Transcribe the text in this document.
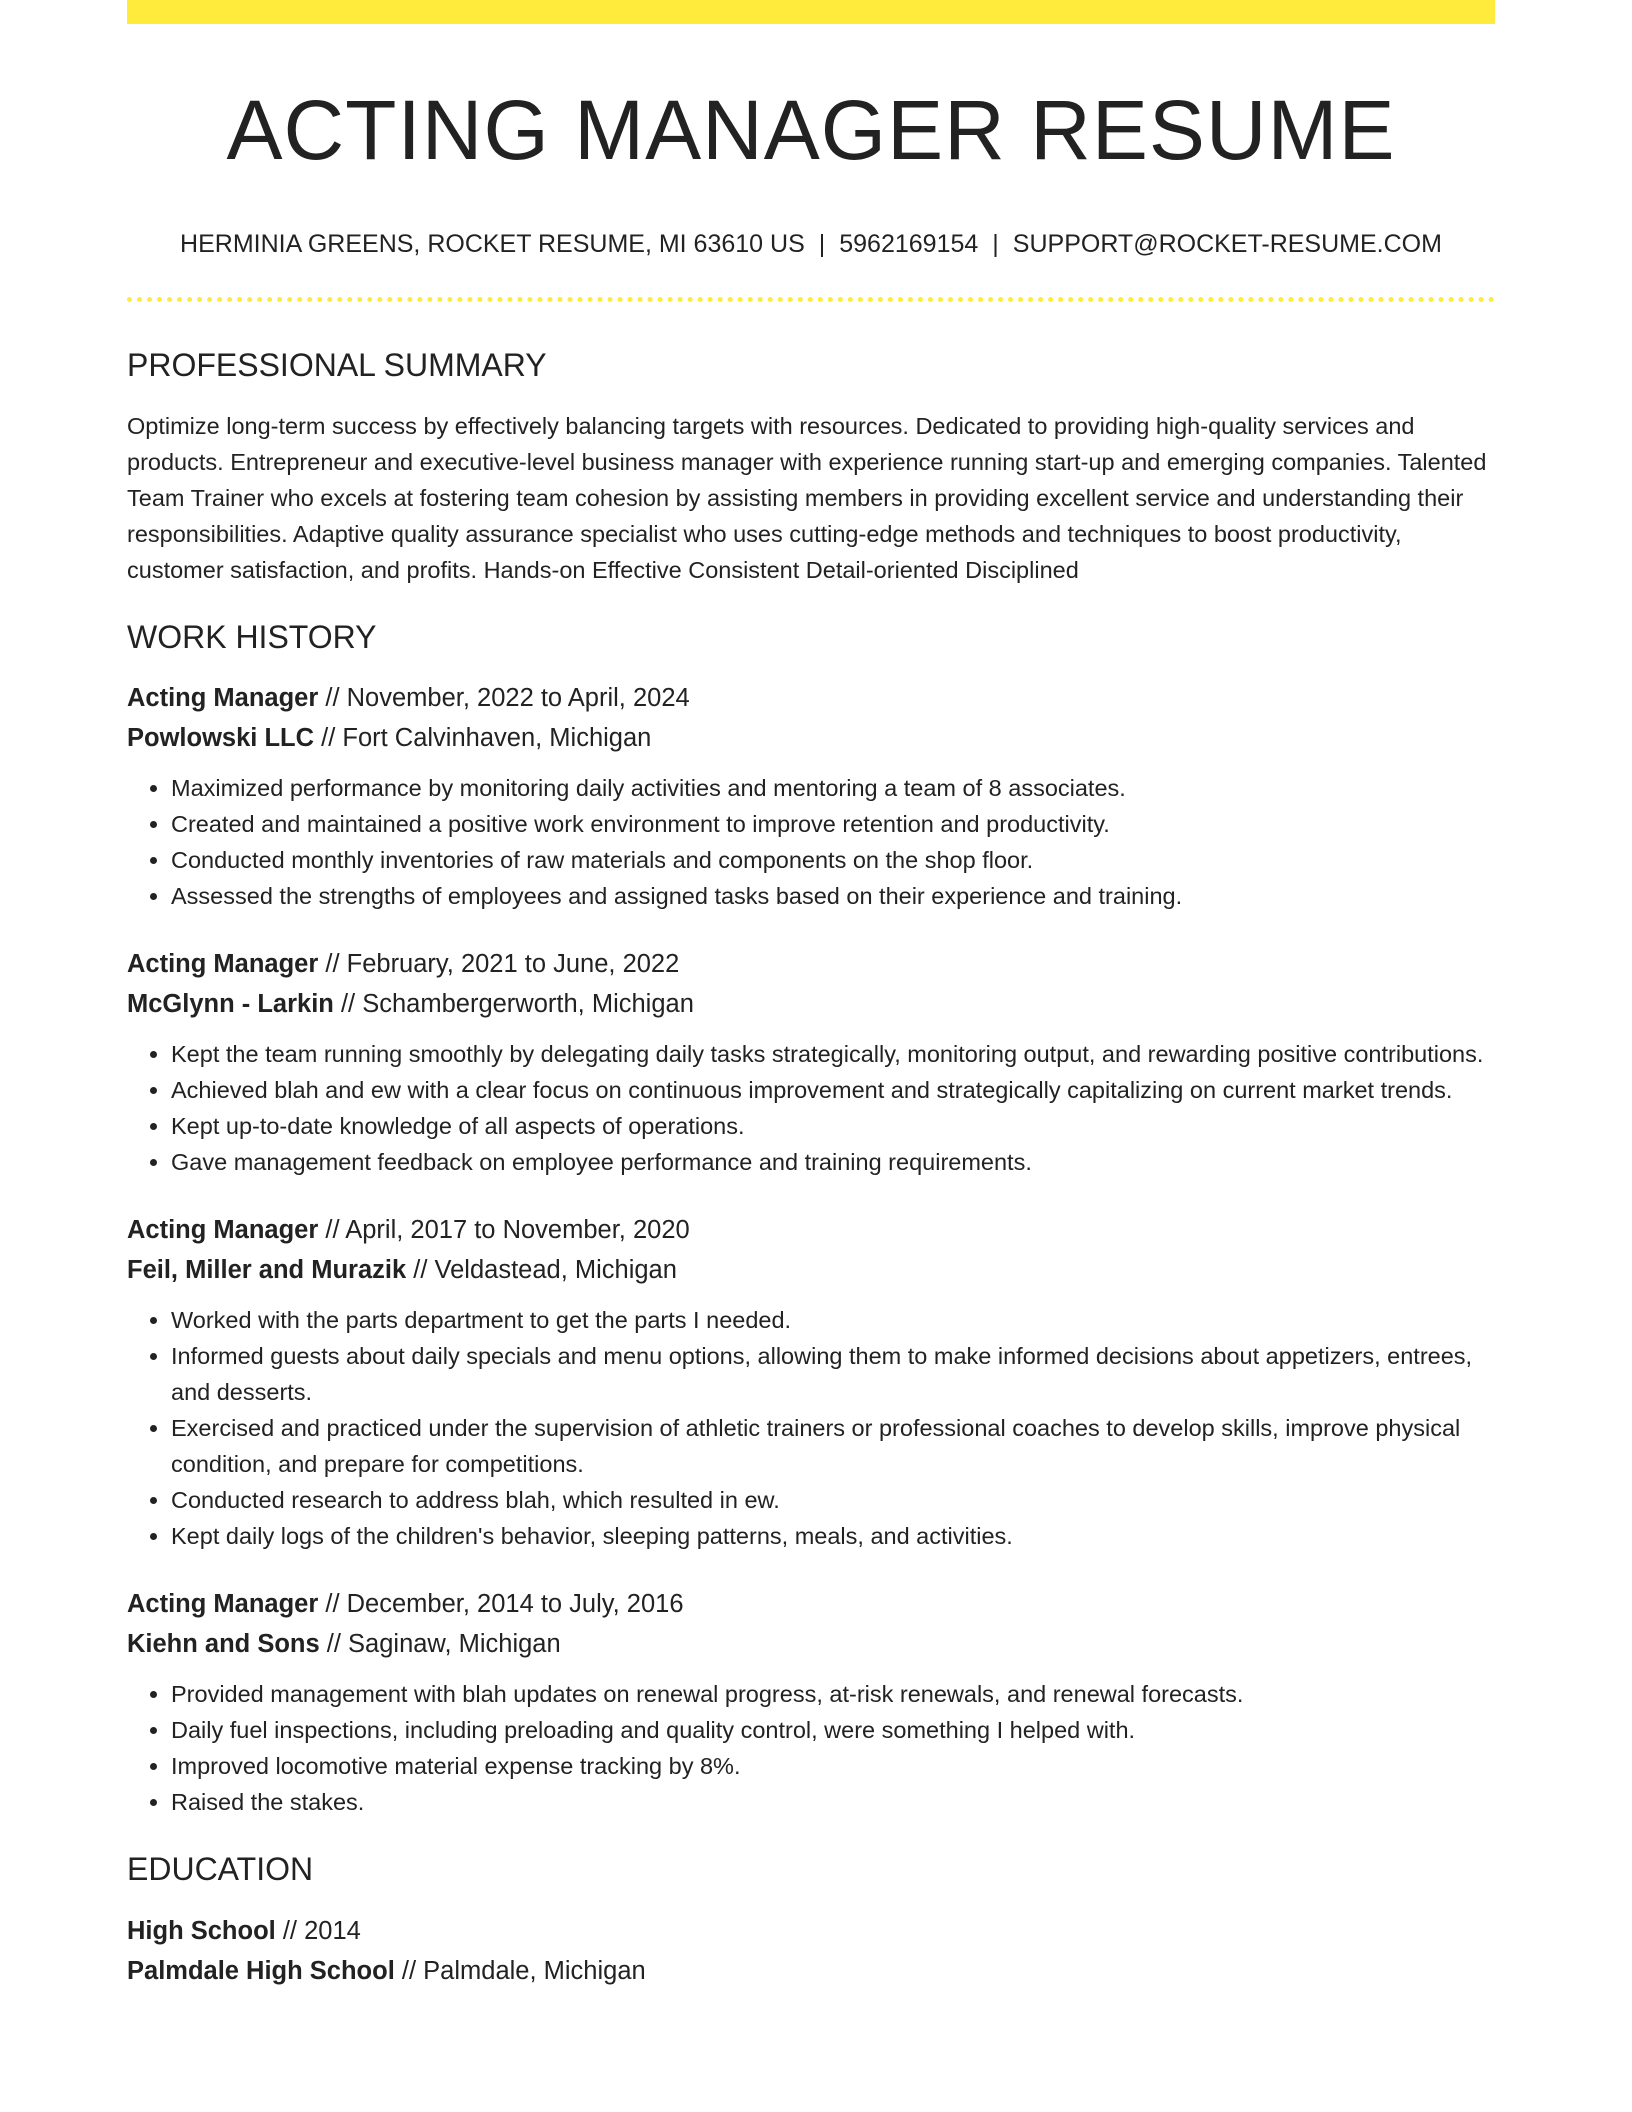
ACTING MANAGER RESUME
HERMINIA GREENS, ROCKET RESUME, MI 63610 US | 5962169154 | SUPPORT@ROCKET-RESUME.COM
PROFESSIONAL SUMMARY
Optimize long-term success by effectively balancing targets with resources. Dedicated to providing high-quality services and products. Entrepreneur and executive-level business manager with experience running start-up and emerging companies. Talented Team Trainer who excels at fostering team cohesion by assisting members in providing excellent service and understanding their responsibilities. Adaptive quality assurance specialist who uses cutting-edge methods and techniques to boost productivity, customer satisfaction, and profits. Hands-on Effective Consistent Detail-oriented Disciplined
WORK HISTORY
Acting Manager // November, 2022 to April, 2024
Powlowski LLC // Fort Calvinhaven, Michigan
• Maximized performance by monitoring daily activities and mentoring a team of 8 associates.
• Created and maintained a positive work environment to improve retention and productivity.
• Conducted monthly inventories of raw materials and components on the shop floor.
• Assessed the strengths of employees and assigned tasks based on their experience and training.
Acting Manager // February, 2021 to June, 2022
McGlynn - Larkin // Schambergerworth, Michigan
• Kept the team running smoothly by delegating daily tasks strategically, monitoring output, and rewarding positive contributions.
• Achieved blah and ew with a clear focus on continuous improvement and strategically capitalizing on current market trends.
• Kept up-to-date knowledge of all aspects of operations.
• Gave management feedback on employee performance and training requirements.
Acting Manager // April, 2017 to November, 2020
Feil, Miller and Murazik // Veldastead, Michigan
• Worked with the parts department to get the parts I needed.
• Informed guests about daily specials and menu options, allowing them to make informed decisions about appetizers, entrees, and desserts.
• Exercised and practiced under the supervision of athletic trainers or professional coaches to develop skills, improve physical condition, and prepare for competitions.
• Conducted research to address blah, which resulted in ew.
• Kept daily logs of the children's behavior, sleeping patterns, meals, and activities.
Acting Manager // December, 2014 to July, 2016
Kiehn and Sons // Saginaw, Michigan
• Provided management with blah updates on renewal progress, at-risk renewals, and renewal forecasts.
• Daily fuel inspections, including preloading and quality control, were something I helped with.
• Improved locomotive material expense tracking by 8%.
• Raised the stakes.
EDUCATION
High School // 2014
Palmdale High School // Palmdale, Michigan
